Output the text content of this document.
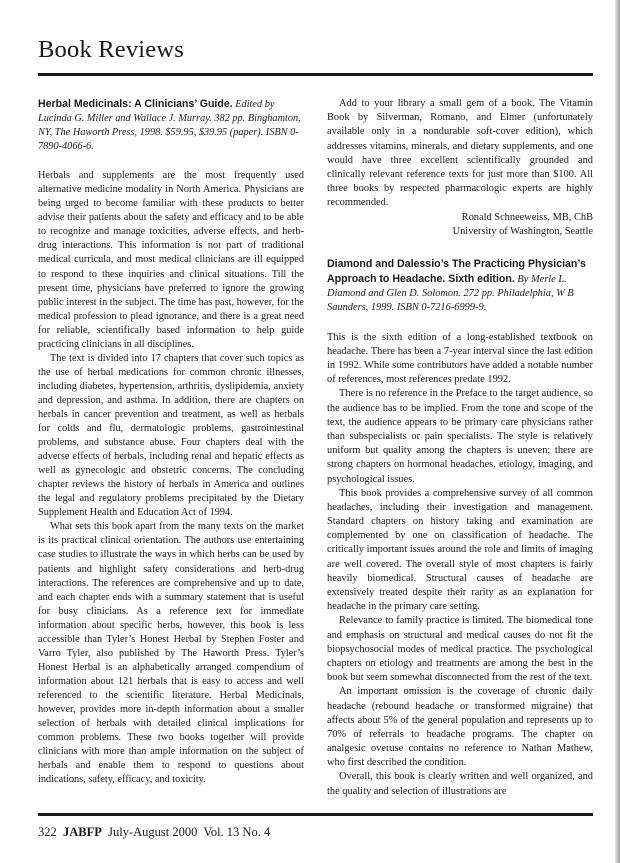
Book Reviews
Herbal Medicinals: A Clinicians’ Guide. Edited by Lucinda G. Miller and Wallace J. Murray. 382 pp. Binghamton, NY, The Haworth Press, 1998. $59.95, $39.95 (paper). ISBN 0-7890-4066-6.

Herbals and supplements are the most frequently used alternative medicine modality in North America. Physicians are being urged to become familiar with these products to better advise their patients about the safety and efficacy and to be able to recognize and manage toxicities, adverse effects, and herb-drug interactions. This information is not part of traditional medical curricula, and most medical clinicians are ill equipped to respond to these inquiries and clinical situations. Till the present time, physicians have preferred to ignore the growing public interest in the subject. The time has past, however, for the medical profession to plead ignorance, and there is a great need for reliable, scientifically based information to help guide practicing clinicians in all disciplines.

The text is divided into 17 chapters that cover such topics as the use of herbal medications for common chronic illnesses, including diabetes, hypertension, arthritis, dyslipidemia, anxiety and depression, and asthma. In addition, there are chapters on herbals in cancer prevention and treatment, as well as herbals for colds and flu, dermatologic problems, gastrointestinal problems, and substance abuse. Four chapters deal with the adverse effects of herbals, including renal and hepatic effects as well as gynecologic and obstetric concerns. The concluding chapter reviews the history of herbals in America and outlines the legal and regulatory problems precipitated by the Dietary Supplement Health and Education Act of 1994.

What sets this book apart from the many texts on the market is its practical clinical orientation. The authors use entertaining case studies to illustrate the ways in which herbs can be used by patients and highlight safety considerations and herb-drug interactions. The references are comprehensive and up to date, and each chapter ends with a summary statement that is useful for busy clinicians. As a reference text for immediate information about specific herbs, however, this book is less accessible than Tyler’s Honest Herbal by Stephen Foster and Varro Tyler, also published by The Haworth Press. Tyler’s Honest Herbal is an alphabetically arranged compendium of information about 121 herbals that is easy to access and well referenced to the scientific literature. Herbal Medicinals, however, provides more in-depth information about a smaller selection of herbals with detailed clinical implications for common problems. These two books together will provide clinicians with more than ample information on the subject of herbals and enable them to respond to questions about indications, safety, efficacy, and toxicity.

Add to your library a small gem of a book, The Vitamin Book by Silverman, Romano, and Elmer (unfortunately available only in a nondurable soft-cover edition), which addresses vitamins, minerals, and dietary supplements, and one would have three excellent scientifically grounded and clinically relevant reference texts for just more than $100. All three books by respected pharmacologic experts are highly recommended.

Ronald Schneeweiss, MB, ChB
University of Washington, Seattle
Diamond and Dalessio’s The Practicing Physician’s Approach to Headache. Sixth edition. By Merle L. Diamond and Glen D. Solomon. 272 pp. Philadelphia, W B Saunders, 1999. ISBN 0-7216-6999-9.

This is the sixth edition of a long-established textbook on headache. There has been a 7-year interval since the last edition in 1992. While some contributors have added a notable number of references, most references predate 1992.

There is no reference in the Preface to the target audience, so the audience has to be implied. From the tone and scope of the text, the audience appears to be primary care physicians rather than subspecialists or pain specialists. The style is relatively uniform but quality among the chapters is uneven; there are strong chapters on hormonal headaches, etiology, imaging, and psychological issues.

This book provides a comprehensive survey of all common headaches, including their investigation and management. Standard chapters on history taking and examination are complemented by one on classification of headache. The critically important issues around the role and limits of imaging are well covered. The overall style of most chapters is fairly heavily biomedical. Structural causes of headache are extensively treated despite their rarity as an explanation for headache in the primary care setting.

Relevance to family practice is limited. The biomedical tone and emphasis on structural and medical causes do not fit the biopsychosocial modes of medical practice. The psychological chapters on etiology and treatments are among the best in the book but seem somewhat disconnected from the rest of the text.

An important omission is the coverage of chronic daily headache (rebound headache or transformed migraine) that affects about 5% of the general population and represents up to 70% of referrals to headache programs. The chapter on analgesic overuse contains no reference to Nathan Mathew, who first described the condition.

Overall, this book is clearly written and well organized, and the quality and selection of illustrations are

322 JABFP July-August 2000 Vol. 13 No. 4
